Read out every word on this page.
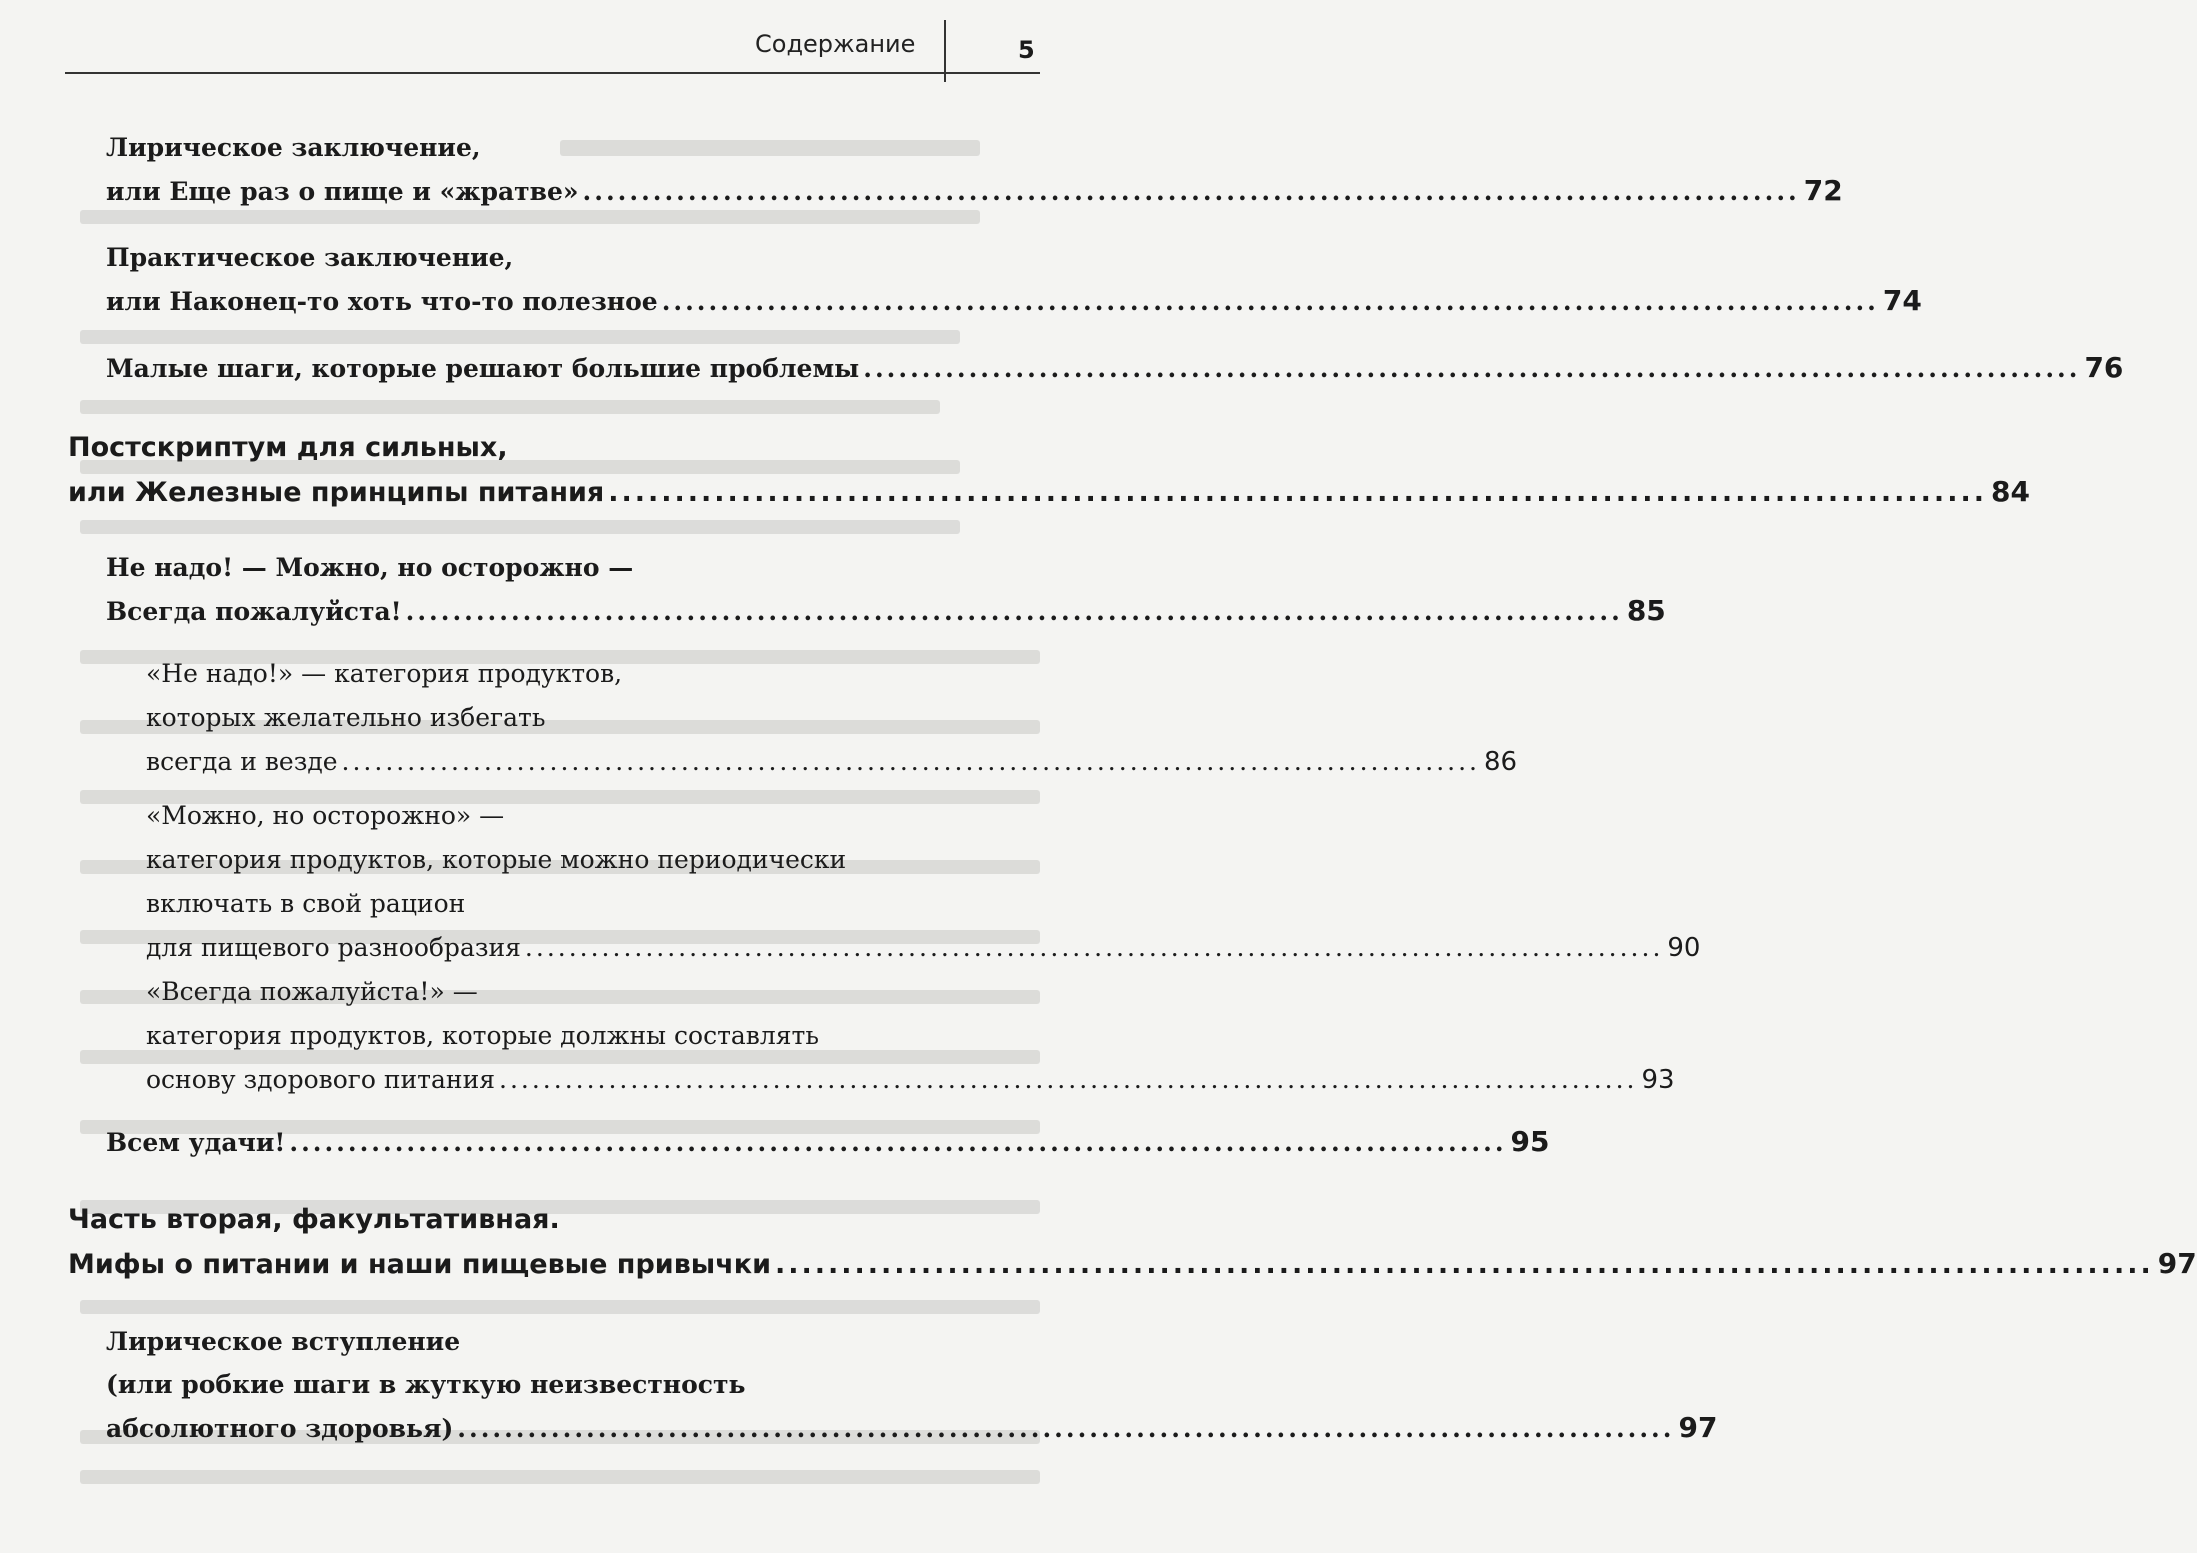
Содержание	5
Лирическое заключение,
или Еще раз о пище и «жратве» ........................................................................................................ 72
Практическое заключение,
или Наконец-то хоть что-то полезное ........................................................................................................ 74
Малые шаги, которые решают большие проблемы ........................................................................................................ 76
Постскриптум для сильных,
или Железные принципы питания ........................................................................................................ 84
Не надо! — Можно, но осторожно —
Всегда пожалуйста! ........................................................................................................ 85
«Не надо!» — категория продуктов,
которых желательно избегать
всегда и везде ........................................................................................................ 86
«Можно, но осторожно» —
категория продуктов, которые можно периодически
включать в свой рацион
для пищевого разнообразия ........................................................................................................ 90
«Всегда пожалуйста!» —
категория продуктов, которые должны составлять
основу здорового питания ........................................................................................................ 93
Всем удачи! ........................................................................................................ 95
Часть вторая, факультативная.
Мифы о питании и наши пищевые привычки ........................................................................................................ 97
Лирическое вступление
(или робкие шаги в жуткую неизвестность
абсолютного здоровья) ........................................................................................................ 97
